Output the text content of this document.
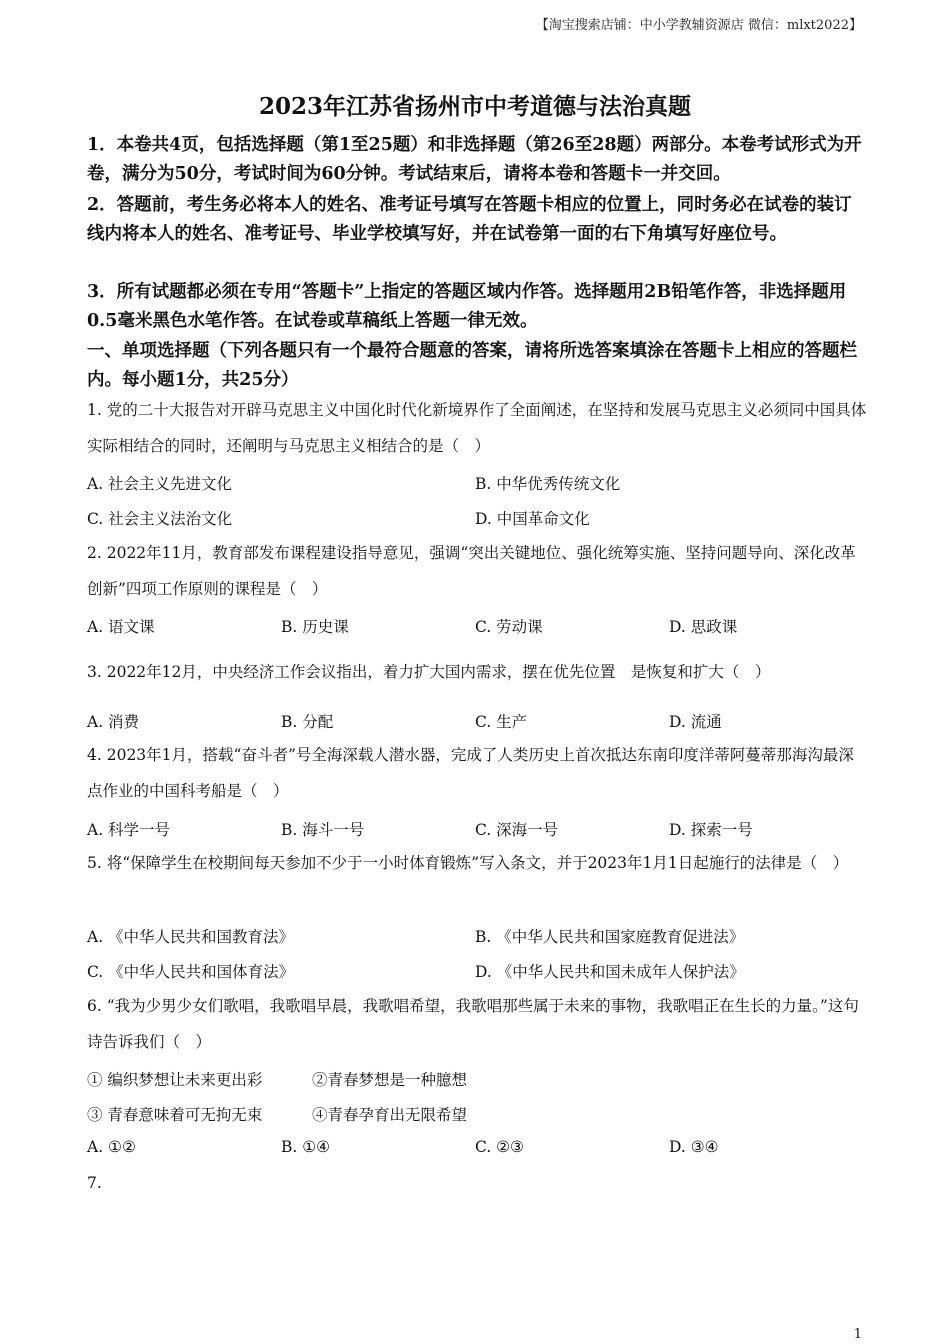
【淘宝搜索店铺：中小学教辅资源店 微信：mlxt2022】
2023年江苏省扬州市中考道德与法治真题
1．本卷共4页，包括选择题（第1至25题）和非选择题（第26至28题）两部分。本卷考试形式为开卷，满分为50分，考试时间为60分钟。考试结束后，请将本卷和答题卡一并交回。
2．答题前，考生务必将本人的姓名、准考证号填写在答题卡相应的位置上，同时务必在试卷的装订线内将本人的姓名、准考证号、毕业学校填写好，并在试卷第一面的右下角填写好座位号。
3．所有试题都必须在专用“答题卡”上指定的答题区域内作答。选择题用2B铅笔作答，非选择题用0.5毫米黑色水笔作答。在试卷或草稿纸上答题一律无效。
一、单项选择题（下列各题只有一个最符合题意的答案，请将所选答案填涂在答题卡上相应的答题栏内。每小题1分，共25分）
1. 党的二十大报告对开辟马克思主义中国化时代化新境界作了全面阐述，在坚持和发展马克思主义必须同中国具体实际相结合的同时，还阐明与马克思主义相结合的是（　）
A. 社会主义先进文化	B. 中华优秀传统文化
C. 社会主义法治文化	D. 中国革命文化
2. 2022年11月，教育部发布课程建设指导意见，强调“突出关键地位、强化统筹实施、坚持问题导向、深化改革创新”四项工作原则的课程是（　）
A. 语文课	B. 历史课	C. 劳动课	D. 思政课
3. 2022年12月，中央经济工作会议指出，着力扩大国内需求，摆在优先位置　是恢复和扩大（　）
A. 消费	B. 分配	C. 生产	D. 流通
4. 2023年1月，搭载“奋斗者”号全海深载人潜水器，完成了人类历史上首次抵达东南印度洋蒂阿蔓蒂那海沟最深点作业的中国科考船是（　）
A. 科学一号	B. 海斗一号	C. 深海一号	D. 探索一号
5. 将“保障学生在校期间每天参加不少于一小时体育锻炼”写入条文，并于2023年1月1日起施行的法律是（　）
A. 《中华人民共和国教育法》	B. 《中华人民共和国家庭教育促进法》
C. 《中华人民共和国体育法》	D. 《中华人民共和国未成年人保护法》
6. “我为少男少女们歌唱，我歌唱早晨，我歌唱希望，我歌唱那些属于未来的事物，我歌唱正在生长的力量。”这句诗告诉我们（　）
① 编织梦想让未来更出彩	②青春梦想是一种臆想
③ 青春意味着可无拘无束	④青春孕育出无限希望
A. ①②	B. ①④	C. ②③	D. ③④
7.
1
